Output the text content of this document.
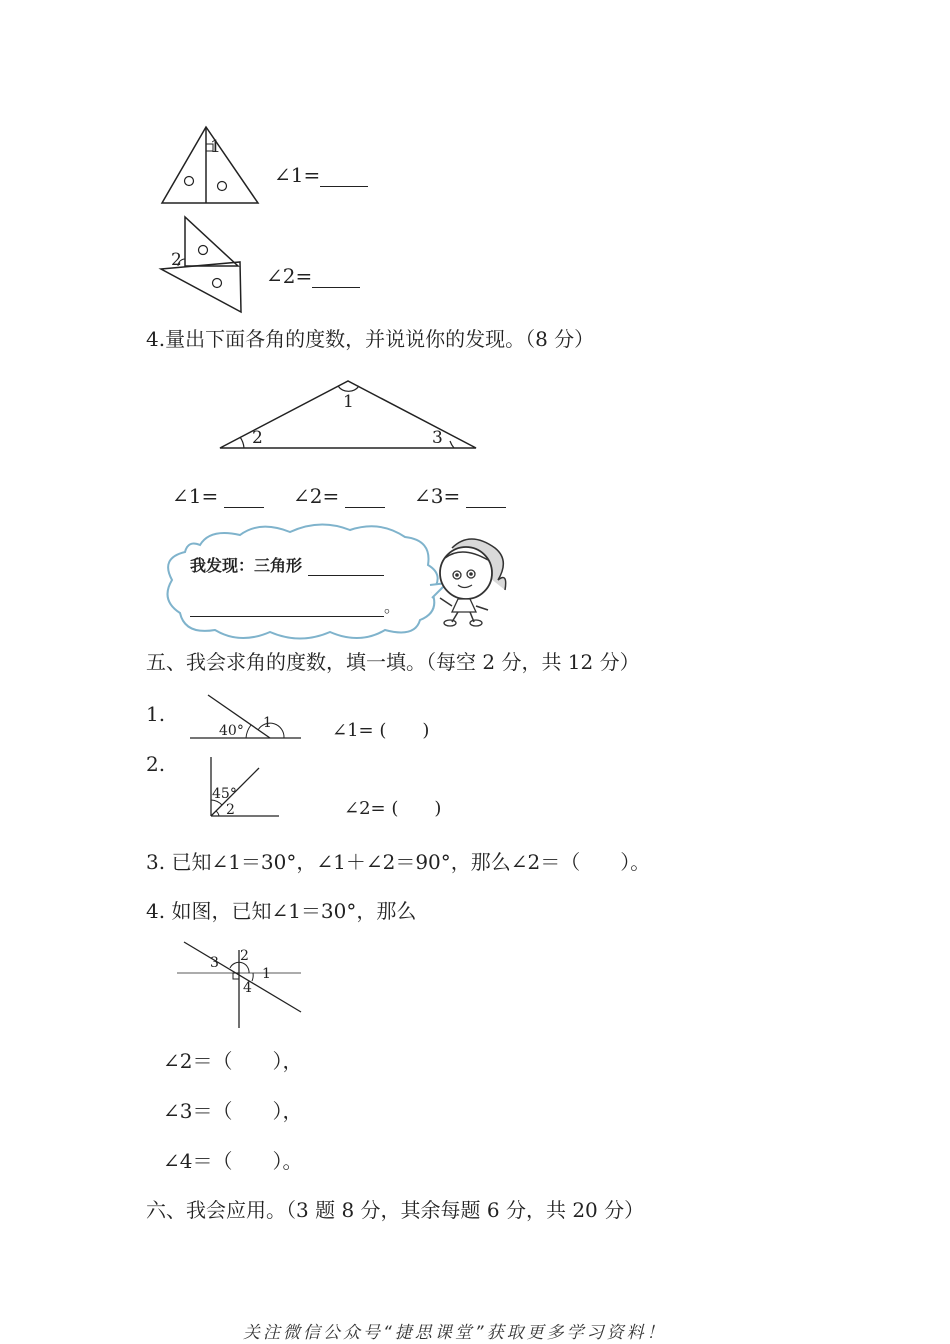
1
∠1=
2
∠2=
4.量出下面各角的度数，并说说你的发现。（8 分）
1
2	3
∠1=	∠2=	∠3=
我发现：三角形
。
五、我会求角的度数，填一填。（每空 2 分，共 12 分）
1.
40° 1	∠1= (　　)
2.
45°
2	∠2= (　　)
3. 已知∠1＝30°，∠1＋∠2＝90°，那么∠2＝（　　）。
4. 如图，已知∠1＝30°，那么
1
2
3
4
∠2＝（　　），
∠3＝（　　），
∠4＝（　　）。
六、我会应用。（3 题 8 分，其余每题 6 分，共 20 分）
关注微信公众号“捷思课堂”获取更多学习资料！
